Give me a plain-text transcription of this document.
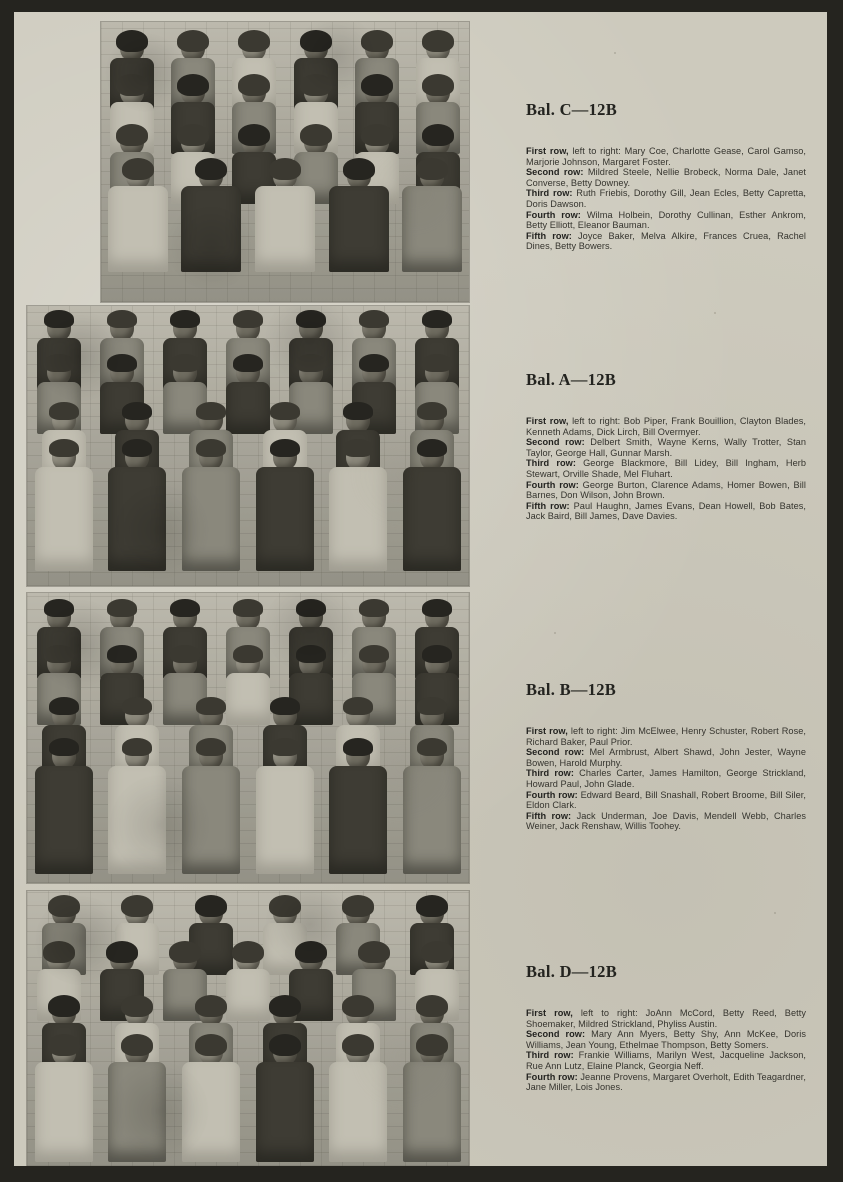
Bal. C—12B

First row, left to right: Mary Coe, Charlotte Gease, Carol Gamso, Marjorie Johnson, Margaret Foster.
Second row: Mildred Steele, Nellie Brobeck, Norma Dale, Janet Converse, Betty Downey.
Third row: Ruth Friebis, Dorothy Gill, Jean Ecles, Betty Capretta, Doris Dawson.
Fourth row: Wilma Holbein, Dorothy Cullinan, Esther Ankrom, Betty Elliott, Eleanor Bauman.
Fifth row: Joyce Baker, Melva Alkire, Frances Cruea, Rachel Dines, Betty Bowers.

Bal. A—12B

First row, left to right: Bob Piper, Frank Bouillion, Clayton Blades, Kenneth Adams, Dick Lirch, Bill Overmyer.
Second row: Delbert Smith, Wayne Kerns, Wally Trotter, Stan Taylor, George Hall, Gunnar Marsh.
Third row: George Blackmore, Bill Lidey, Bill Ingham, Herb Stewart, Orville Shade, Mel Fluhart.
Fourth row: George Burton, Clarence Adams, Homer Bowen, Bill Barnes, Don Wilson, John Brown.
Fifth row: Paul Haughn, James Evans, Dean Howell, Bob Bates, Jack Baird, Bill James, Dave Davies.

Bal. B—12B

First row, left to right: Jim McElwee, Henry Schuster, Robert Rose, Richard Baker, Paul Prior.
Second row: Mel Armbrust, Albert Shawd, John Jester, Wayne Bowen, Harold Murphy.
Third row: Charles Carter, James Hamilton, George Strickland, Howard Paul, John Glade.
Fourth row: Edward Beard, Bill Snashall, Robert Broome, Bill Siler, Eldon Clark.
Fifth row: Jack Underman, Joe Davis, Mendell Webb, Charles Weiner, Jack Renshaw, Willis Toohey.

Bal. D—12B

First row, left to right: JoAnn McCord, Betty Reed, Betty Shoemaker, Mildred Strickland, Phyliss Austin.
Second row: Mary Ann Myers, Betty Shy, Ann McKee, Doris Williams, Jean Young, Ethelmae Thompson, Betty Somers.
Third row: Frankie Williams, Marilyn West, Jacqueline Jackson, Rue Ann Lutz, Elaine Planck, Georgia Neff.
Fourth row: Jeanne Provens, Margaret Overholt, Edith Teagardner, Jane Miller, Lois Jones.
